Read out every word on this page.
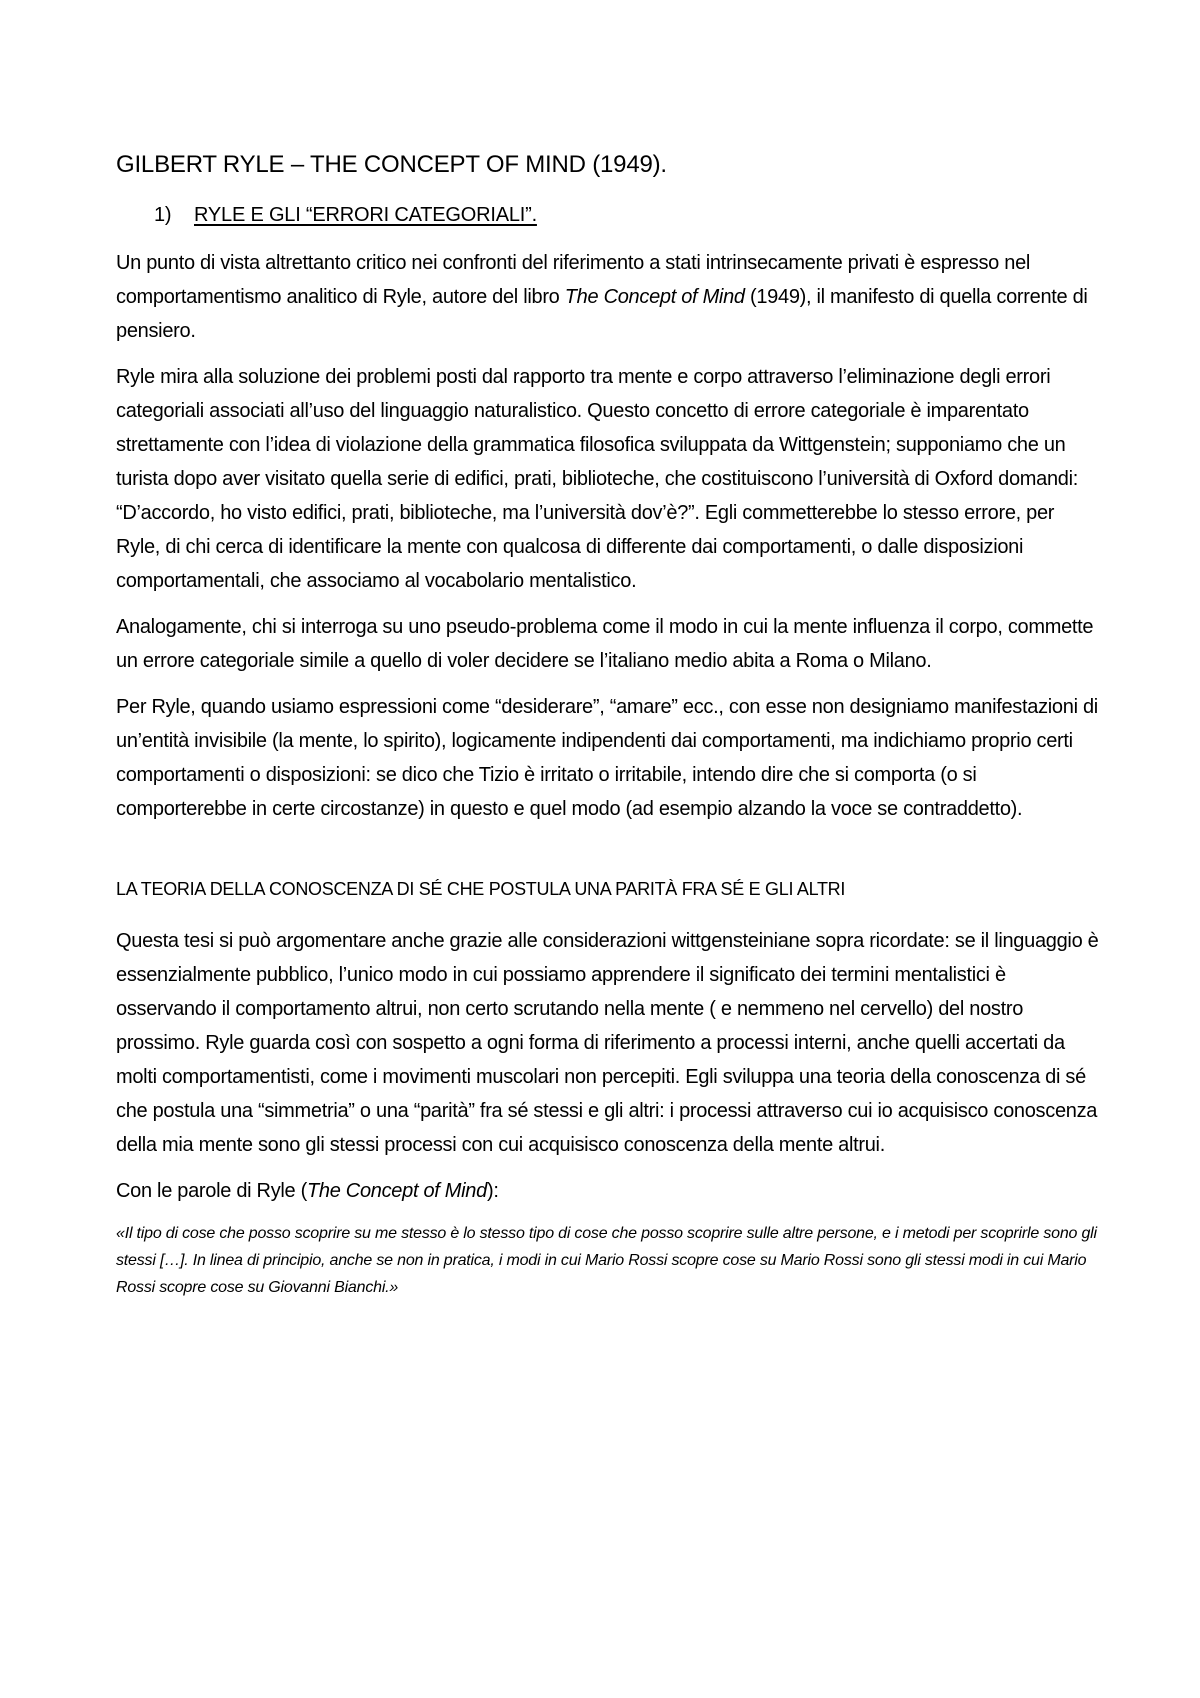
GILBERT RYLE – THE CONCEPT OF MIND (1949).
1) RYLE E GLI “ERRORI CATEGORIALI”.

Un punto di vista altrettanto critico nei confronti del riferimento a stati intrinsecamente privati è espresso nel comportamentismo analitico di Ryle, autore del libro The Concept of Mind (1949), il manifesto di quella corrente di pensiero.

Ryle mira alla soluzione dei problemi posti dal rapporto tra mente e corpo attraverso l’eliminazione degli errori categoriali associati all’uso del linguaggio naturalistico. Questo concetto di errore categoriale è imparentato strettamente con l’idea di violazione della grammatica filosofica sviluppata da Wittgenstein; supponiamo che un turista dopo aver visitato quella serie di edifici, prati, biblioteche, che costituiscono l’università di Oxford domandi: “D’accordo, ho visto edifici, prati, biblioteche, ma l’università dov’è?”. Egli commetterebbe lo stesso errore, per Ryle, di chi cerca di identificare la mente con qualcosa di differente dai comportamenti, o dalle disposizioni comportamentali, che associamo al vocabolario mentalistico.

Analogamente, chi si interroga su uno pseudo-problema come il modo in cui la mente influenza il corpo, commette un errore categoriale simile a quello di voler decidere se l’italiano medio abita a Roma o Milano.

Per Ryle, quando usiamo espressioni come “desiderare”, “amare” ecc., con esse non designiamo manifestazioni di un’entità invisibile (la mente, lo spirito), logicamente indipendenti dai comportamenti, ma indichiamo proprio certi comportamenti o disposizioni: se dico che Tizio è irritato o irritabile, intendo dire che si comporta (o si comporterebbe in certe circostanze) in questo e quel modo (ad esempio alzando la voce se contraddetto).

LA TEORIA DELLA CONOSCENZA DI SÉ CHE POSTULA UNA PARITÀ FRA SÉ E GLI ALTRI

Questa tesi si può argomentare anche grazie alle considerazioni wittgensteiniane sopra ricordate: se il linguaggio è essenzialmente pubblico, l’unico modo in cui possiamo apprendere il significato dei termini mentalistici è osservando il comportamento altrui, non certo scrutando nella mente ( e nemmeno nel cervello) del nostro prossimo. Ryle guarda così con sospetto a ogni forma di riferimento a processi interni, anche quelli accertati da molti comportamentisti, come i movimenti muscolari non percepiti. Egli sviluppa una teoria della conoscenza di sé che postula una “simmetria” o una “parità” fra sé stessi e gli altri: i processi attraverso cui io acquisisco conoscenza della mia mente sono gli stessi processi con cui acquisisco conoscenza della mente altrui.

Con le parole di Ryle (The Concept of Mind):

«Il tipo di cose che posso scoprire su me stesso è lo stesso tipo di cose che posso scoprire sulle altre persone, e i metodi per scoprirle sono gli stessi […]. In linea di principio, anche se non in pratica, i modi in cui Mario Rossi scopre cose su Mario Rossi sono gli stessi modi in cui Mario Rossi scopre cose su Giovanni Bianchi.»
